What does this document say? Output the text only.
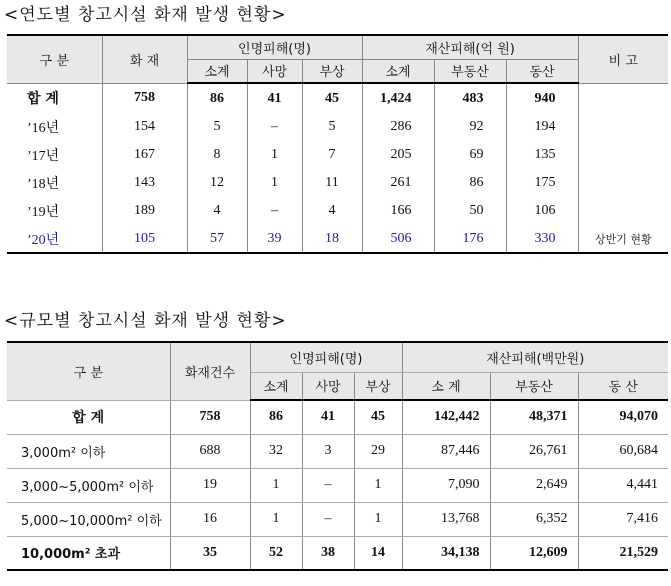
<연도별 창고시설 화재 발생 현황>
구 분	화 재	인명피해(명)			재산피해(억 원)			비 고
		소계	사망	부상	소계	부동산	동산	
합 계	758	86	41	45	1,424	483	940	
’16년	154	5	–	5	286	92	194	
’17년	167	8	1	7	205	69	135	
’18년	143	12	1	11	261	86	175	
’19년	189	4	–	4	166	50	106	
’20년	105	57	39	18	506	176	330	상반기 현황
<규모별 창고시설 화재 발생 현황>
구 분	화재건수	인명피해(명)			재산피해(백만원)		
		소계	사망	부상	소 계	부동산	동 산
합 계	758	86	41	45	142,442	48,371	94,070
3,000m² 이하	688	32	3	29	87,446	26,761	60,684
3,000~5,000m² 이하	19	1	–	1	7,090	2,649	4,441
5,000~10,000m² 이하	16	1	–	1	13,768	6,352	7,416
10,000m² 초과	35	52	38	14	34,138	12,609	21,529
